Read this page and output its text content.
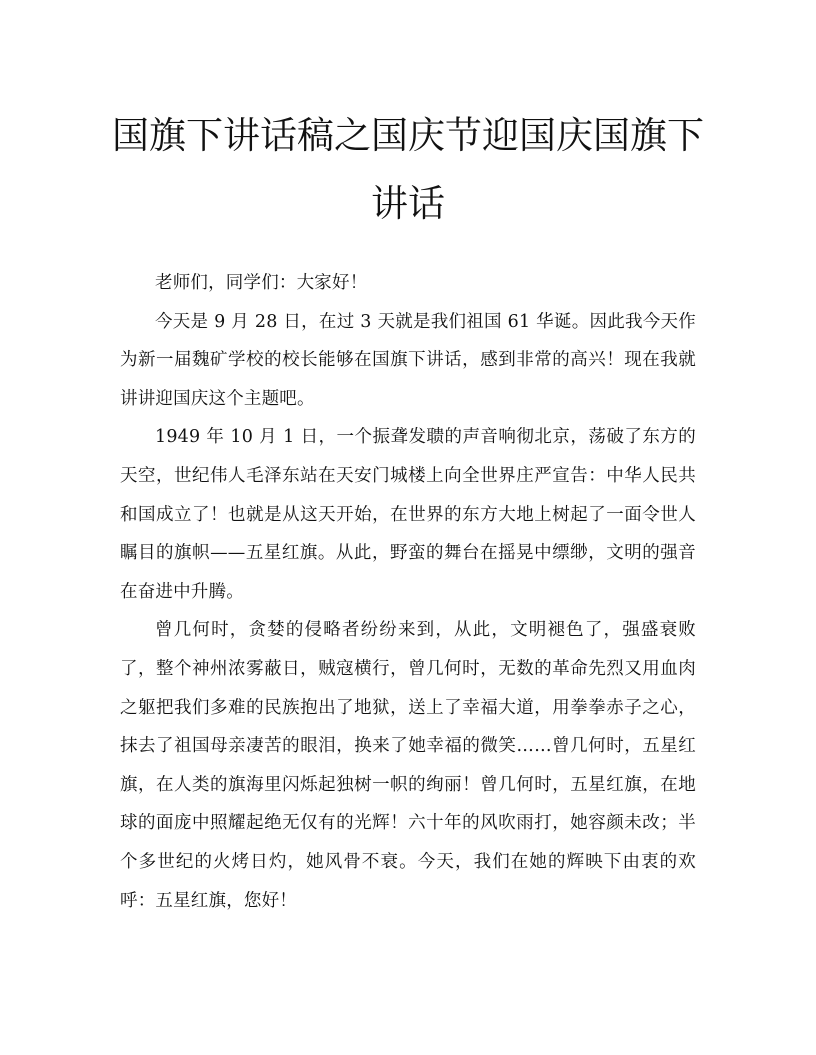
国旗下讲话稿之国庆节迎国庆国旗下讲话

老师们，同学们：大家好！

今天是 9 月 28 日，在过 3 天就是我们祖国 61 华诞。因此我今天作为新一届魏矿学校的校长能够在国旗下讲话，感到非常的高兴！现在我就讲讲迎国庆这个主题吧。

1949 年 10 月 1 日，一个振聋发聩的声音响彻北京，荡破了东方的天空，世纪伟人毛泽东站在天安门城楼上向全世界庄严宣告：中华人民共和国成立了！也就是从这天开始，在世界的东方大地上树起了一面令世人瞩目的旗帜——五星红旗。从此，野蛮的舞台在摇晃中缥缈，文明的强音在奋进中升腾。

曾几何时，贪婪的侵略者纷纷来到，从此，文明褪色了，强盛衰败了，整个神州浓雾蔽日，贼寇横行，曾几何时，无数的革命先烈又用血肉之躯把我们多难的民族抱出了地狱，送上了幸福大道，用拳拳赤子之心，抹去了祖国母亲凄苦的眼泪，换来了她幸福的微笑……曾几何时，五星红旗，在人类的旗海里闪烁起独树一帜的绚丽！曾几何时，五星红旗，在地球的面庞中照耀起绝无仅有的光辉！六十年的风吹雨打，她容颜未改；半个多世纪的火烤日灼，她风骨不衰。今天，我们在她的辉映下由衷的欢呼：五星红旗，您好！
